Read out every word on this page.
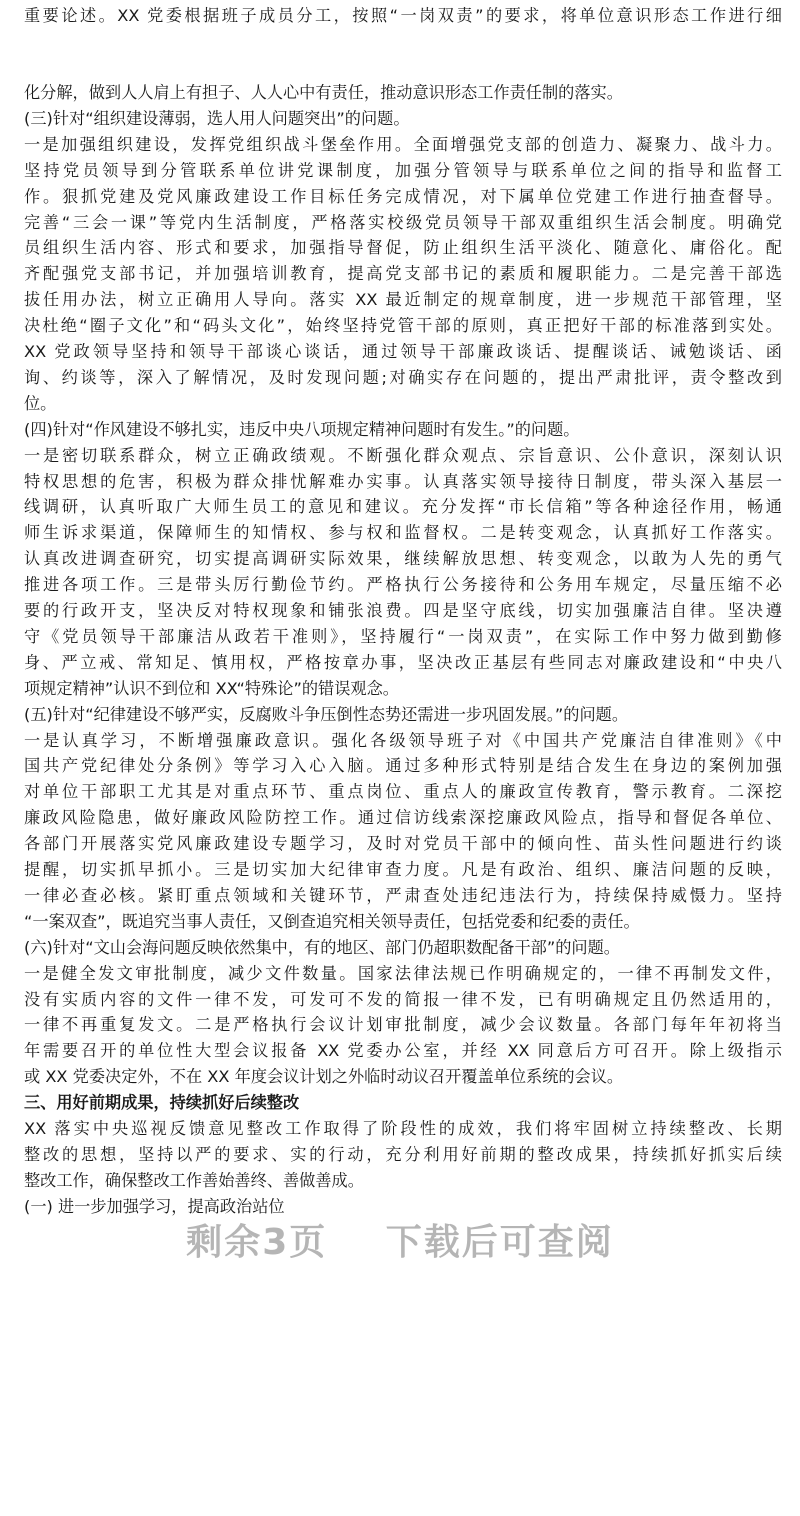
重要论述。XX 党委根据班子成员分工，按照“一岗双责”的要求，将单位意识形态工作进行细
化分解，做到人人肩上有担子、人人心中有责任，推动意识形态工作责任制的落实。
(三)针对“组织建设薄弱，选人用人问题突出”的问题。
一是加强组织建设，发挥党组织战斗堡垒作用。全面增强党支部的创造力、凝聚力、战斗力。
坚持党员领导到分管联系单位讲党课制度，加强分管领导与联系单位之间的指导和监督工
作。狠抓党建及党风廉政建设工作目标任务完成情况，对下属单位党建工作进行抽查督导。
完善“三会一课”等党内生活制度，严格落实校级党员领导干部双重组织生活会制度。明确党
员组织生活内容、形式和要求，加强指导督促，防止组织生活平淡化、随意化、庸俗化。配
齐配强党支部书记，并加强培训教育，提高党支部书记的素质和履职能力。二是完善干部选
拔任用办法，树立正确用人导向。落实 XX 最近制定的规章制度，进一步规范干部管理，坚
决杜绝“圈子文化”和“码头文化”，始终坚持党管干部的原则，真正把好干部的标准落到实处。
XX 党政领导坚持和领导干部谈心谈话，通过领导干部廉政谈话、提醒谈话、诫勉谈话、函
询、约谈等，深入了解情况，及时发现问题;对确实存在问题的，提出严肃批评，责令整改到
位。
(四)针对“作风建设不够扎实，违反中央八项规定精神问题时有发生。”的问题。
一是密切联系群众，树立正确政绩观。不断强化群众观点、宗旨意识、公仆意识，深刻认识
特权思想的危害，积极为群众排忧解难办实事。认真落实领导接待日制度，带头深入基层一
线调研，认真听取广大师生员工的意见和建议。充分发挥“市长信箱”等各种途径作用，畅通
师生诉求渠道，保障师生的知情权、参与权和监督权。二是转变观念，认真抓好工作落实。
认真改进调查研究，切实提高调研实际效果，继续解放思想、转变观念，以敢为人先的勇气
推进各项工作。三是带头厉行勤俭节约。严格执行公务接待和公务用车规定，尽量压缩不必
要的行政开支，坚决反对特权现象和铺张浪费。四是坚守底线，切实加强廉洁自律。坚决遵
守《党员领导干部廉洁从政若干准则》，坚持履行“一岗双责”，在实际工作中努力做到勤修
身、严立戒、常知足、慎用权，严格按章办事，坚决改正基层有些同志对廉政建设和“中央八
项规定精神”认识不到位和 XX“特殊论”的错误观念。
(五)针对“纪律建设不够严实，反腐败斗争压倒性态势还需进一步巩固发展。”的问题。
一是认真学习，不断增强廉政意识。强化各级领导班子对《中国共产党廉洁自律准则》《中
国共产党纪律处分条例》等学习入心入脑。通过多种形式特别是结合发生在身边的案例加强
对单位干部职工尤其是对重点环节、重点岗位、重点人的廉政宣传教育，警示教育。二深挖
廉政风险隐患，做好廉政风险防控工作。通过信访线索深挖廉政风险点，指导和督促各单位、
各部门开展落实党风廉政建设专题学习，及时对党员干部中的倾向性、苗头性问题进行约谈
提醒，切实抓早抓小。三是切实加大纪律审查力度。凡是有政治、组织、廉洁问题的反映，
一律必查必核。紧盯重点领域和关键环节，严肃查处违纪违法行为，持续保持威慑力。坚持
“一案双查”，既追究当事人责任，又倒查追究相关领导责任，包括党委和纪委的责任。
(六)针对“文山会海问题反映依然集中，有的地区、部门仍超职数配备干部”的问题。
一是健全发文审批制度，减少文件数量。国家法律法规已作明确规定的，一律不再制发文件，
没有实质内容的文件一律不发，可发可不发的简报一律不发，已有明确规定且仍然适用的，
一律不再重复发文。二是严格执行会议计划审批制度，减少会议数量。各部门每年年初将当
年需要召开的单位性大型会议报备 XX 党委办公室，并经 XX 同意后方可召开。除上级指示
或 XX 党委决定外，不在 XX 年度会议计划之外临时动议召开覆盖单位系统的会议。
三、用好前期成果，持续抓好后续整改
XX 落实中央巡视反馈意见整改工作取得了阶段性的成效，我们将牢固树立持续整改、长期
整改的思想，坚持以严的要求、实的行动，充分利用好前期的整改成果，持续抓好抓实后续
整改工作，确保整改工作善始善终、善做善成。
(一) 进一步加强学习，提高政治站位
剩余3页 下载后可查阅
